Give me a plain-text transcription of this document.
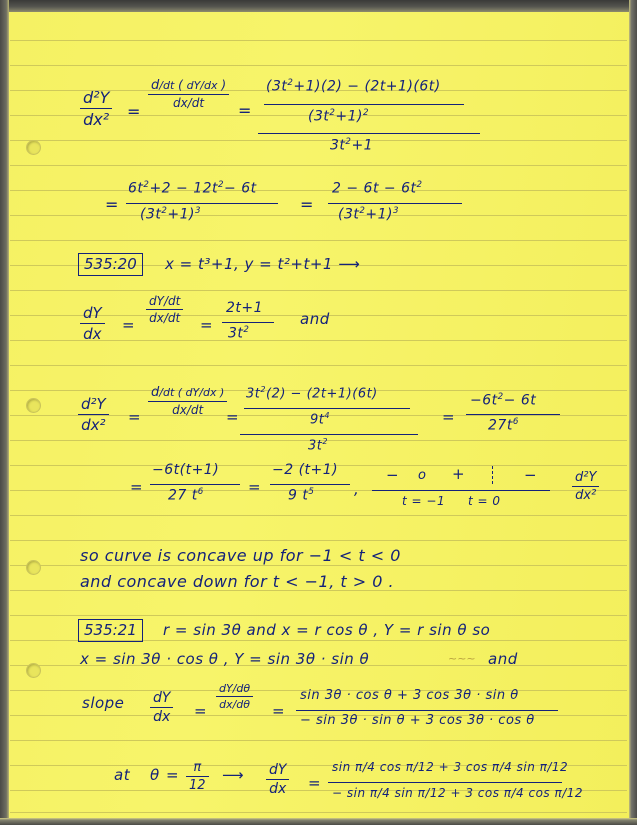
d²Y
dx² =
d/dt ( dY/dx )
dx/dt	=
$(3t^2+1)(2) - (2t+1)(6t)$
$(3t^2+1)^2$
$3t^2+1$
=
$6t^2+2 - 12t^2- 6t$
$(3t^2+1)^3$	=
$2 - 6t - 6t^2$
$(3t^2+1)^3$
535:20	x = t³+1, y = t²+t+1 ⟶
dY
dx =
dY/dt
dx/dt =
2t+1
$3t^2$
and
d²Y
dx² =
d/dt ( dY/dx )
dx/dt	=
$3t^2(2) - (2t+1)(6t)$
$9t^4$
$3t^2$
=
$-6t^2- 6t$
$27t^6$
=
−6t(t+1)
27 $t^6$	=
−2 (t+1)
9 $t^5$	,
− o +	−
t = −1 t = 0
d²Y
dx²
so curve is concave up for −1 < t < 0
and concave down for t < −1, t > 0 .
535:21	r = sin 3θ and x = r cos θ , Y = r sin θ so
x = sin 3θ · cos θ , Y = sin 3θ · sin θ	~~~ and
slope dY
dx =
dY/dθ
dx/dθ =
sin 3θ · cos θ + 3 cos 3θ · sin θ
− sin 3θ · sin θ + 3 cos 3θ · cos θ
at θ =	π
12
⟶ dY
dx =
sin π/4 cos π/12 + 3 cos π/4 sin π/12
− sin π/4 sin π/12 + 3 cos π/4 cos π/12
